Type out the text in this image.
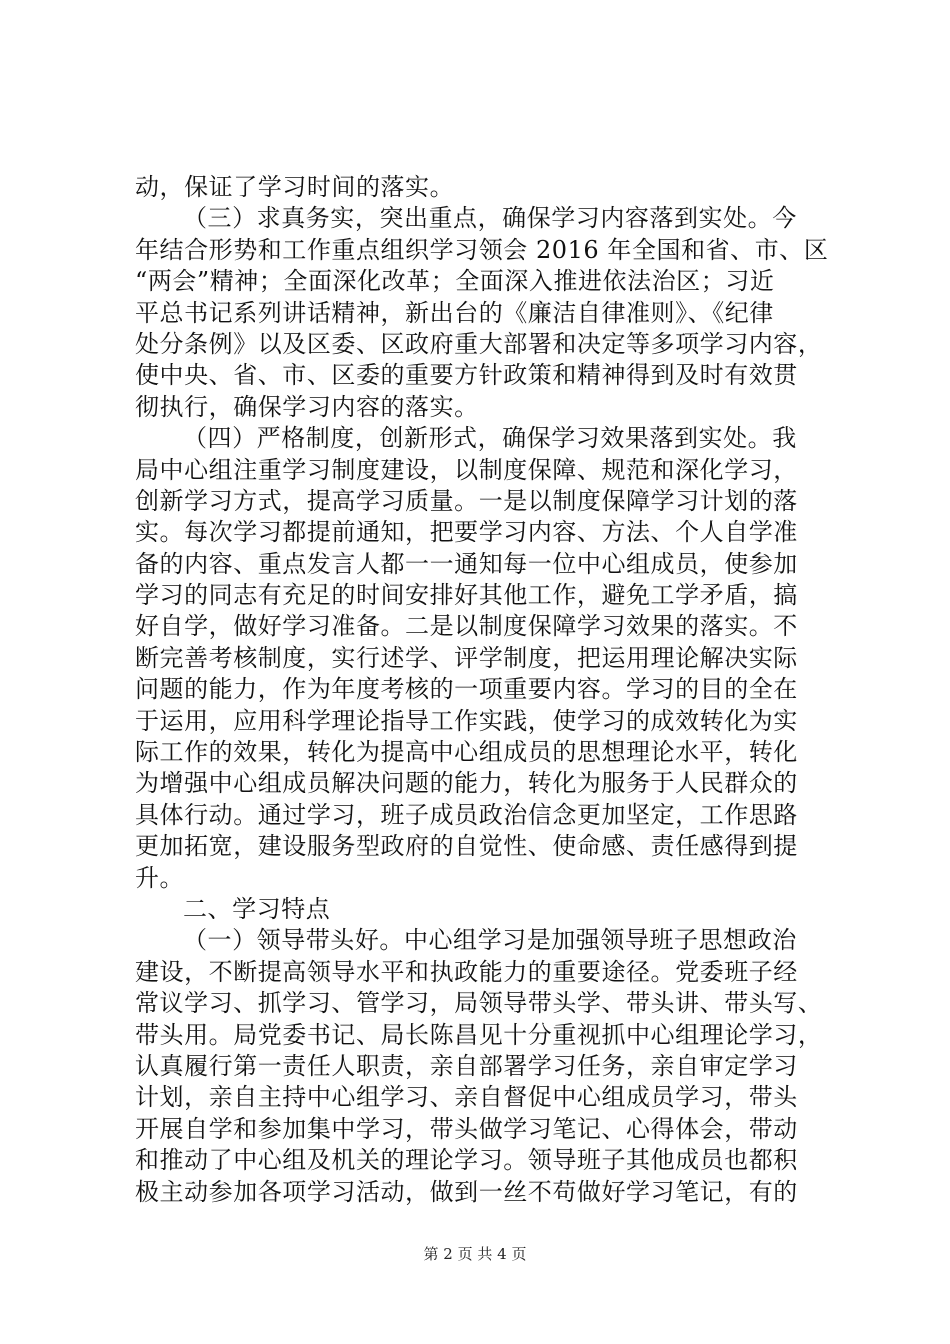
动，保证了学习时间的落实。
（三）求真务实，突出重点，确保学习内容落到实处。今
年结合形势和工作重点组织学习领会 2016 年全国和省、市、区
“两会”精神；全面深化改革；全面深入推进依法治区；习近
平总书记系列讲话精神，新出台的《廉洁自律准则》、《纪律
处分条例》以及区委、区政府重大部署和决定等多项学习内容，
使中央、省、市、区委的重要方针政策和精神得到及时有效贯
彻执行，确保学习内容的落实。
（四）严格制度，创新形式，确保学习效果落到实处。我
局中心组注重学习制度建设，以制度保障、规范和深化学习，
创新学习方式，提高学习质量。一是以制度保障学习计划的落
实。每次学习都提前通知，把要学习内容、方法、个人自学准
备的内容、重点发言人都一一通知每一位中心组成员，使参加
学习的同志有充足的时间安排好其他工作，避免工学矛盾，搞
好自学，做好学习准备。二是以制度保障学习效果的落实。不
断完善考核制度，实行述学、评学制度，把运用理论解决实际
问题的能力，作为年度考核的一项重要内容。学习的目的全在
于运用，应用科学理论指导工作实践，使学习的成效转化为实
际工作的效果，转化为提高中心组成员的思想理论水平，转化
为增强中心组成员解决问题的能力，转化为服务于人民群众的
具体行动。通过学习，班子成员政治信念更加坚定，工作思路
更加拓宽，建设服务型政府的自觉性、使命感、责任感得到提
升。
二、学习特点
（一）领导带头好。中心组学习是加强领导班子思想政治
建设，不断提高领导水平和执政能力的重要途径。党委班子经
常议学习、抓学习、管学习，局领导带头学、带头讲、带头写、
带头用。局党委书记、局长陈昌见十分重视抓中心组理论学习，
认真履行第一责任人职责，亲自部署学习任务，亲自审定学习
计划，亲自主持中心组学习、亲自督促中心组成员学习，带头
开展自学和参加集中学习，带头做学习笔记、心得体会，带动
和推动了中心组及机关的理论学习。领导班子其他成员也都积
极主动参加各项学习活动，做到一丝不苟做好学习笔记，有的
第 2 页 共 4 页
